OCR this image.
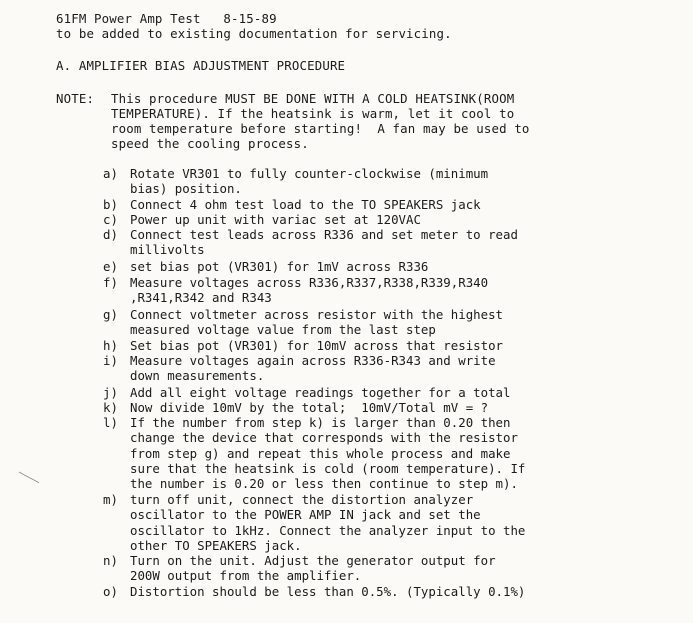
61FM Power Amp Test   8-15-89
to be added to existing documentation for servicing.
A. AMPLIFIER BIAS ADJUSTMENT PROCEDURE
NOTE: This procedure MUST BE DONE WITH A COLD HEATSINK(ROOM
TEMPERATURE). If the heatsink is warm, let it cool to
room temperature before starting!  A fan may be used to
speed the cooling process.
a) Rotate VR301 to fully counter-clockwise (minimum
bias) position.
b) Connect 4 ohm test load to the TO SPEAKERS jack
c) Power up unit with variac set at 120VAC
d) Connect test leads across R336 and set meter to read
millivolts
e) set bias pot (VR301) for 1mV across R336
f) Measure voltages across R336,R337,R338,R339,R340
,R341,R342 and R343
g) Connect voltmeter across resistor with the highest
measured voltage value from the last step
h) Set bias pot (VR301) for 10mV across that resistor
i) Measure voltages again across R336-R343 and write
down measurements.
j) Add all eight voltage readings together for a total
k) Now divide 10mV by the total;  10mV/Total mV = ?
l) If the number from step k) is larger than 0.20 then
change the device that corresponds with the resistor
from step g) and repeat this whole process and make
sure that the heatsink is cold (room temperature). If
the number is 0.20 or less then continue to step m).
m) turn off unit, connect the distortion analyzer
oscillator to the POWER AMP IN jack and set the
oscillator to 1kHz. Connect the analyzer input to the
other TO SPEAKERS jack.
n) Turn on the unit. Adjust the generator output for
200W output from the amplifier.
o) Distortion should be less than 0.5%. (Typically 0.1%)
